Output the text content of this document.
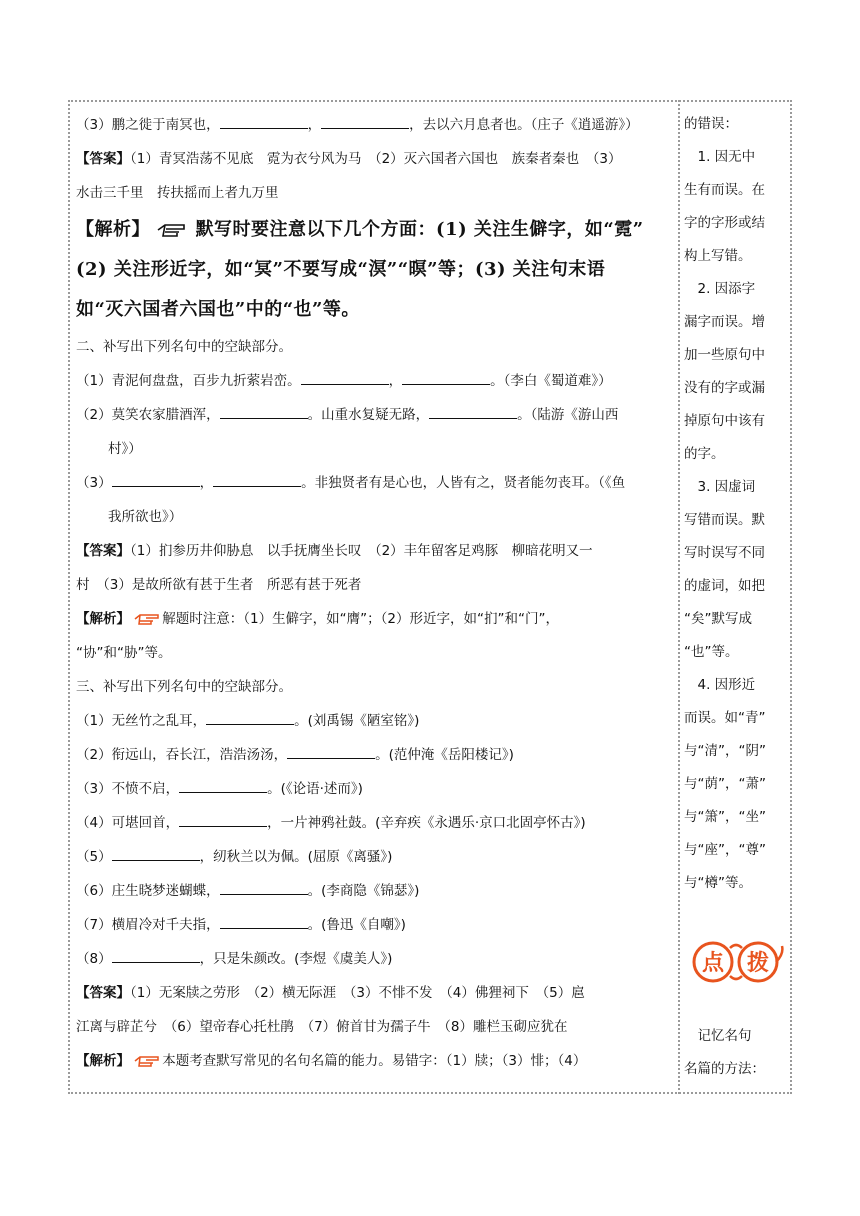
（3）鹏之徙于南冥也，	，	，去以六月息者也。（庄子《逍遥游》）
【答案】（1）青冥浩荡不见底　霓为衣兮风为马　（2）灭六国者六国也　族秦者秦也　（3）
水击三千里　抟扶摇而上者九万里
【解析】	默写时要注意以下几个方面：(1) 关注生僻字，如“霓”
(2) 关注形近字，如“冥”不要写成“溟”“暝”等；(3) 关注句末语
如“灭六国者六国也”中的“也”等。
二、补写出下列名句中的空缺部分。
（1）青泥何盘盘，百步九折萦岩峦。	，	。（李白《蜀道难》）
（2）莫笑农家腊酒浑，	。山重水复疑无路，	。（陆游《游山西
村》）
（3）	，	。非独贤者有是心也，人皆有之，贤者能勿丧耳。（《鱼
我所欲也》）
【答案】（1）扪参历井仰胁息　以手抚膺坐长叹　（2）丰年留客足鸡豚　柳暗花明又一
村　（3）是故所欲有甚于生者　所恶有甚于死者
【解析】 解题时注意：（1）生僻字，如“膺”；（2）形近字，如“扪”和“门”，
“协”和“胁”等。
三、补写出下列名句中的空缺部分。
（1）无丝竹之乱耳，	。(刘禹锡《陋室铭》)
（2）衔远山，吞长江，浩浩汤汤，	。(范仲淹《岳阳楼记》)
（3）不愤不启，	。(《论语·述而》)
（4）可堪回首，	，一片神鸦社鼓。(辛弃疾《永遇乐·京口北固亭怀古》)
（5）	，纫秋兰以为佩。(屈原《离骚》)
（6）庄生晓梦迷蝴蝶，	。(李商隐《锦瑟》)
（7）横眉冷对千夫指，	。(鲁迅《自嘲》)
（8）	，只是朱颜改。(李煜《虞美人》)
【答案】（1）无案牍之劳形　（2）横无际涯　（3）不悱不发　（4）佛狸祠下　（5）扈
江离与辟芷兮　（6）望帝春心托杜鹃　（7）俯首甘为孺子牛　（8）雕栏玉砌应犹在
【解析】 本题考查默写常见的名句名篇的能力。易错字：（1）牍；（3）悱；（4）
的错误：
　1. 因无中
生有而误。在
字的字形或结
构上写错。
　2. 因添字
漏字而误。增
加一些原句中
没有的字或漏
掉原句中该有
的字。
　3. 因虚词
写错而误。默
写时误写不同
的虚词，如把
“矣”默写成
“也”等。
　4. 因形近
而误。如“青”
与“清”，“阴”
与“荫”，“萧”
与“箫”，“坐”
与“座”，“尊”
与“樽”等。
点 拨
　记忆名句
名篇的方法：
